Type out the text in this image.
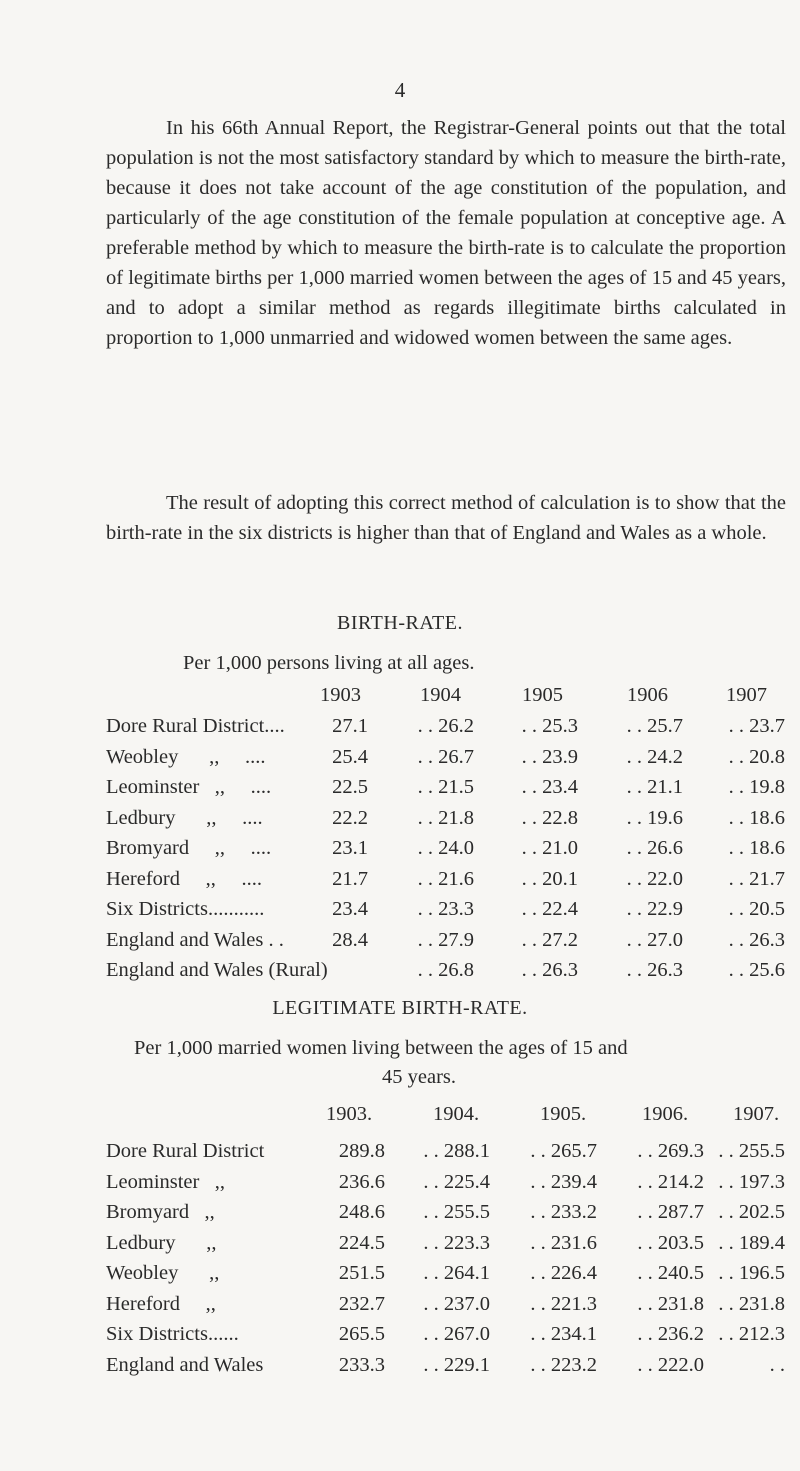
4

In his 66th Annual Report, the Registrar-General points out that the total population is not the most satisfactory standard by which to measure the birth-rate, because it does not take account of the age constitution of the population, and particularly of the age constitution of the female population at conceptive age. A preferable method by which to measure the birth-rate is to calculate the proportion of legitimate births per 1,000 married women between the ages of 15 and 45 years, and to adopt a similar method as regards illegitimate births calculated in proportion to 1,000 unmarried and widowed women between the same ages.

The result of adopting this correct method of calculation is to show that the birth-rate in the six districts is higher than that of England and Wales as a whole.

BIRTH-RATE.
Per 1,000 persons living at all ages.
1903	1904	1905	1906	1907
Dore Rural District.... 27.1 . . 26.2 . . 25.3 . . 25.7 . . 23.7
Weobley      ,,     ....	25.4 . . 26.7 . . 23.9 . . 24.2 . . 20.8
Leominster   ,,     ....	22.5 . . 21.5 . . 23.4 . . 21.1 . . 19.8
Ledbury      ,,     ....	22.2 . . 21.8 . . 22.8 . . 19.6 . . 18.6
Bromyard     ,,     ....	23.1 . . 24.0 . . 21.0 . . 26.6 . . 18.6
Hereford     ,,     ....	21.7 . . 21.6 . . 20.1 . . 22.0 . . 21.7
Six Districts...........	23.4 . . 23.3 . . 22.4 . . 22.9 . . 20.5
England and Wales . . 28.4 . . 27.9 . . 27.2 . . 27.0 . . 26.3
England and Wales (Rural)	. . 26.8 . . 26.3 . . 26.3 . . 25.6
LEGITIMATE BIRTH-RATE.
Per 1,000 married women living between the ages of 15 and
45 years.
1903.	1904.	1905.	1906. 1907.
Dore Rural District	289.8 . . 288.1 . . 265.7 . . 269.3 . . 255.5
Leominster   ,,	236.6 . . 225.4 . . 239.4 . . 214.2 . . 197.3
Bromyard   ,,	248.6 . . 255.5 . . 233.2 . . 287.7 . . 202.5
Ledbury      ,,	224.5 . . 223.3 . . 231.6 . . 203.5 . . 189.4
Weobley      ,,	251.5 . . 264.1 . . 226.4 . . 240.5 . . 196.5
Hereford     ,,	232.7 . . 237.0 . . 221.3 . . 231.8 . . 231.8
Six Districts......	265.5 . . 267.0 . . 234.1 . . 236.2 . . 212.3
England and Wales	233.3 . . 229.1 . . 223.2 . . 222.0	. .
